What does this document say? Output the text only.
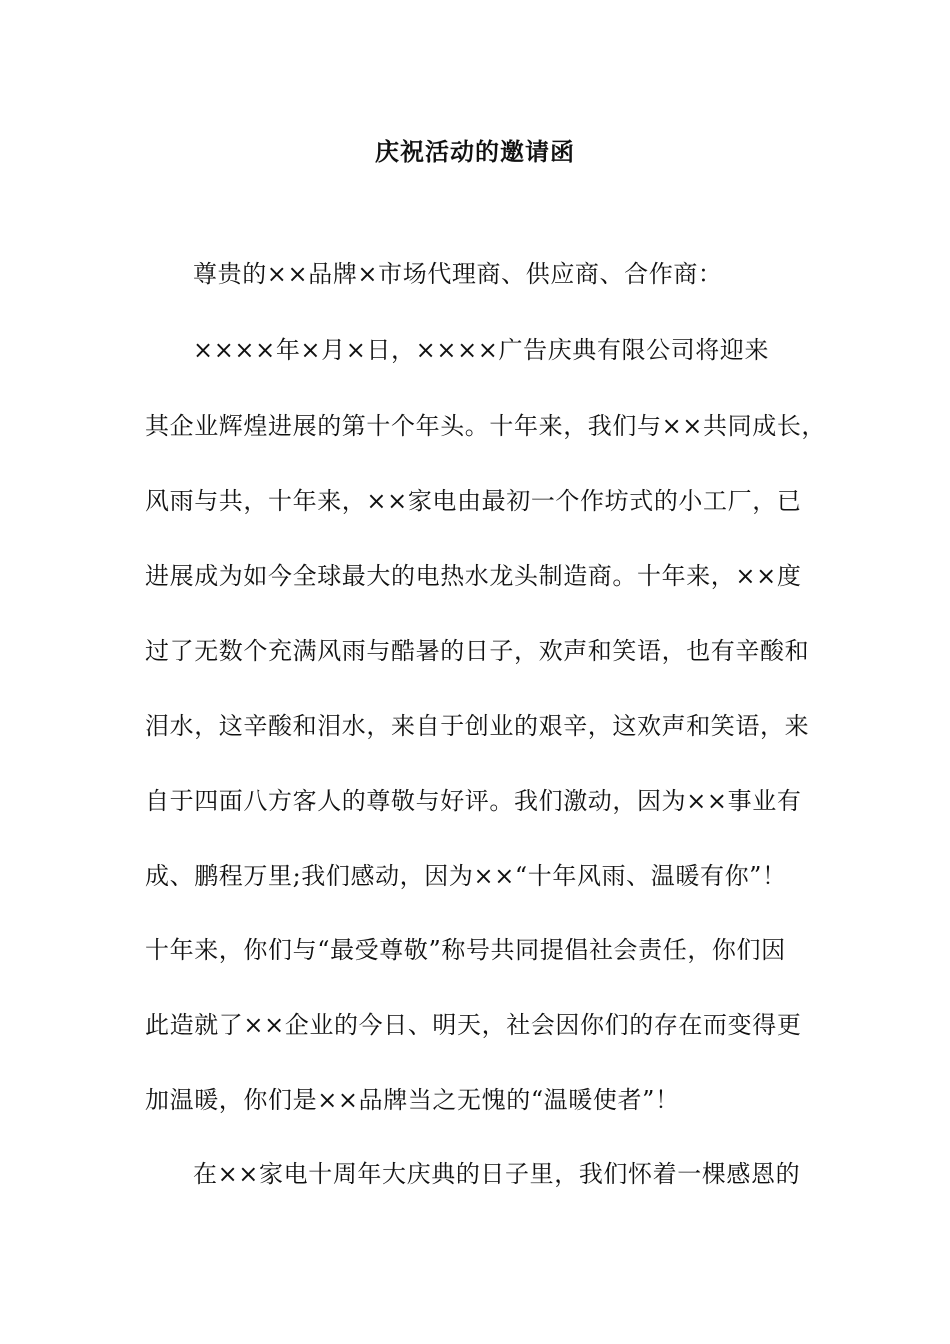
庆祝活动的邀请函
尊贵的××品牌×市场代理商、供应商、合作商：
××××年×月×日，××××广告庆典有限公司将迎来
其企业辉煌进展的第十个年头。十年来，我们与××共同成长，
风雨与共，十年来，××家电由最初一个作坊式的小工厂，已
进展成为如今全球最大的电热水龙头制造商。十年来，××度
过了无数个充满风雨与酷暑的日子，欢声和笑语，也有辛酸和
泪水，这辛酸和泪水，来自于创业的艰辛，这欢声和笑语，来
自于四面八方客人的尊敬与好评。我们激动，因为××事业有
成、鹏程万里;我们感动，因为××“十年风雨、温暖有你”！
十年来，你们与“最受尊敬”称号共同提倡社会责任，你们因
此造就了××企业的今日、明天，社会因你们的存在而变得更
加温暖，你们是××品牌当之无愧的“温暖使者”！
在××家电十周年大庆典的日子里，我们怀着一棵感恩的
